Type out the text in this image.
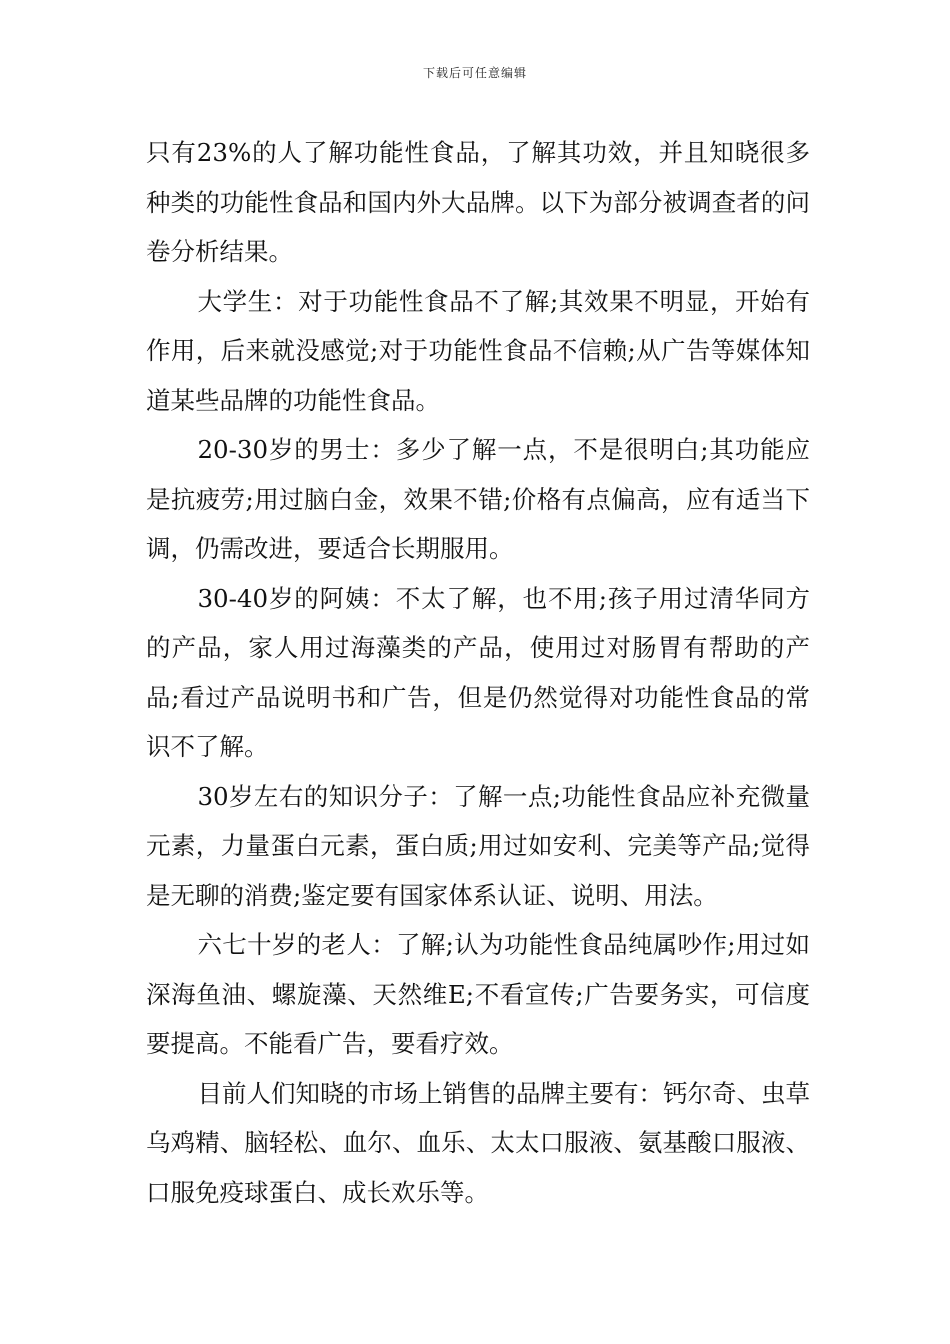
下载后可任意编辑

只有23%的人了解功能性食品，了解其功效，并且知晓很多种类的功能性食品和国内外大品牌。以下为部分被调查者的问卷分析结果。

大学生：对于功能性食品不了解;其效果不明显，开始有作用，后来就没感觉;对于功能性食品不信赖;从广告等媒体知道某些品牌的功能性食品。

20-30岁的男士：多少了解一点，不是很明白;其功能应是抗疲劳;用过脑白金，效果不错;价格有点偏高，应有适当下调，仍需改进，要适合长期服用。

30-40岁的阿姨：不太了解，也不用;孩子用过清华同方的产品，家人用过海藻类的产品，使用过对肠胃有帮助的产品;看过产品说明书和广告，但是仍然觉得对功能性食品的常识不了解。

30岁左右的知识分子：了解一点;功能性食品应补充微量元素，力量蛋白元素，蛋白质;用过如安利、完美等产品;觉得是无聊的消费;鉴定要有国家体系认证、说明、用法。

六七十岁的老人：了解;认为功能性食品纯属吵作;用过如深海鱼油、螺旋藻、天然维E;不看宣传;广告要务实，可信度要提高。不能看广告，要看疗效。

目前人们知晓的市场上销售的品牌主要有：钙尔奇、虫草乌鸡精、脑轻松、血尔、血乐、太太口服液、氨基酸口服液、口服免疫球蛋白、成长欢乐等。
